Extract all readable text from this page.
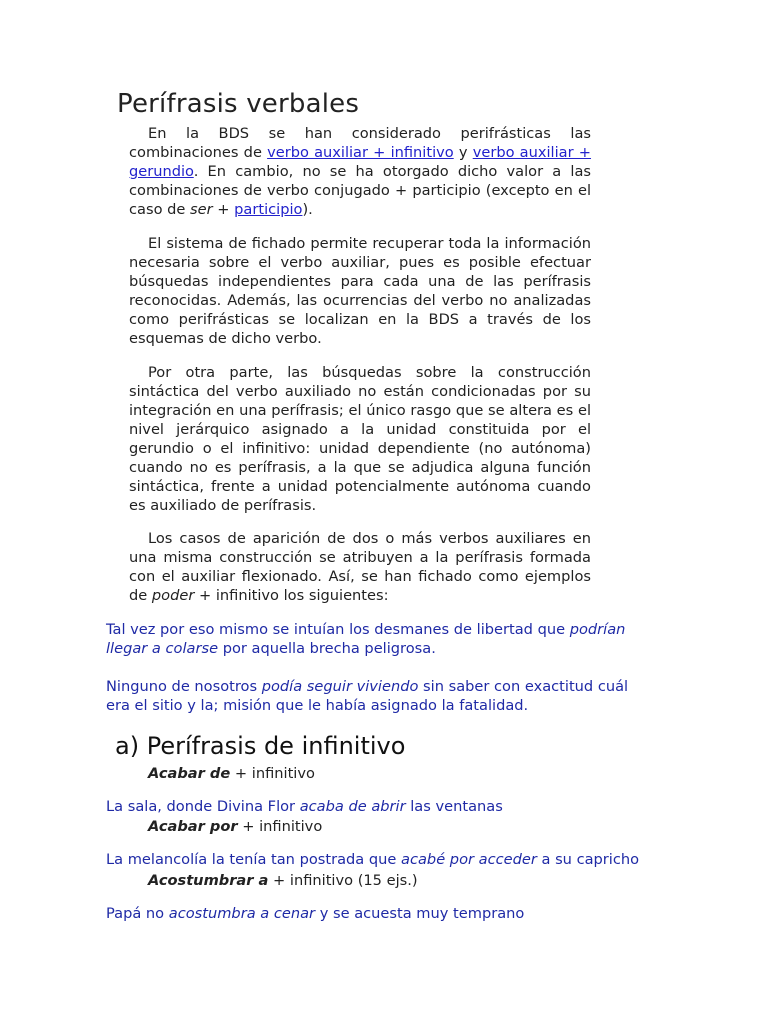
Perífrasis verbales

En la BDS se han considerado perifrásticas las combinaciones de verbo auxiliar + infinitivo y verbo auxiliar + gerundio. En cambio, no se ha otorgado dicho valor a las combinaciones de verbo conjugado + participio (excepto en el caso de ser + participio).

El sistema de fichado permite recuperar toda la información necesaria sobre el verbo auxiliar, pues es posible efectuar búsquedas independientes para cada una de las perífrasis reconocidas. Además, las ocurrencias del verbo no analizadas como perifrásticas se localizan en la BDS a través de los esquemas de dicho verbo.

Por otra parte, las búsquedas sobre la construcción sintáctica del verbo auxiliado no están condicionadas por su integración en una perífrasis; el único rasgo que se altera es el nivel jerárquico asignado a la unidad constituida por el gerundio o el infinitivo: unidad dependiente (no autónoma) cuando no es perífrasis, a la que se adjudica alguna función sintáctica, frente a unidad potencialmente autónoma cuando es auxiliado de perífrasis.

Los casos de aparición de dos o más verbos auxiliares en una misma construcción se atribuyen a la perífrasis formada con el auxiliar flexionado. Así, se han fichado como ejemplos de poder + infinitivo los siguientes:

Tal vez por eso mismo se intuían los desmanes de libertad que podrían llegar a colarse por aquella brecha peligrosa.

Ninguno de nosotros podía seguir viviendo sin saber con exactitud cuál era el sitio y la; misión que le había asignado la fatalidad.

a) Perífrasis de infinitivo

Acabar de + infinitivo

La sala, donde Divina Flor acaba de abrir las ventanas

Acabar por + infinitivo

La melancolía la tenía tan postrada que acabé por acceder a su capricho

Acostumbrar a + infinitivo (15 ejs.)

Papá no acostumbra a cenar y se acuesta muy temprano
